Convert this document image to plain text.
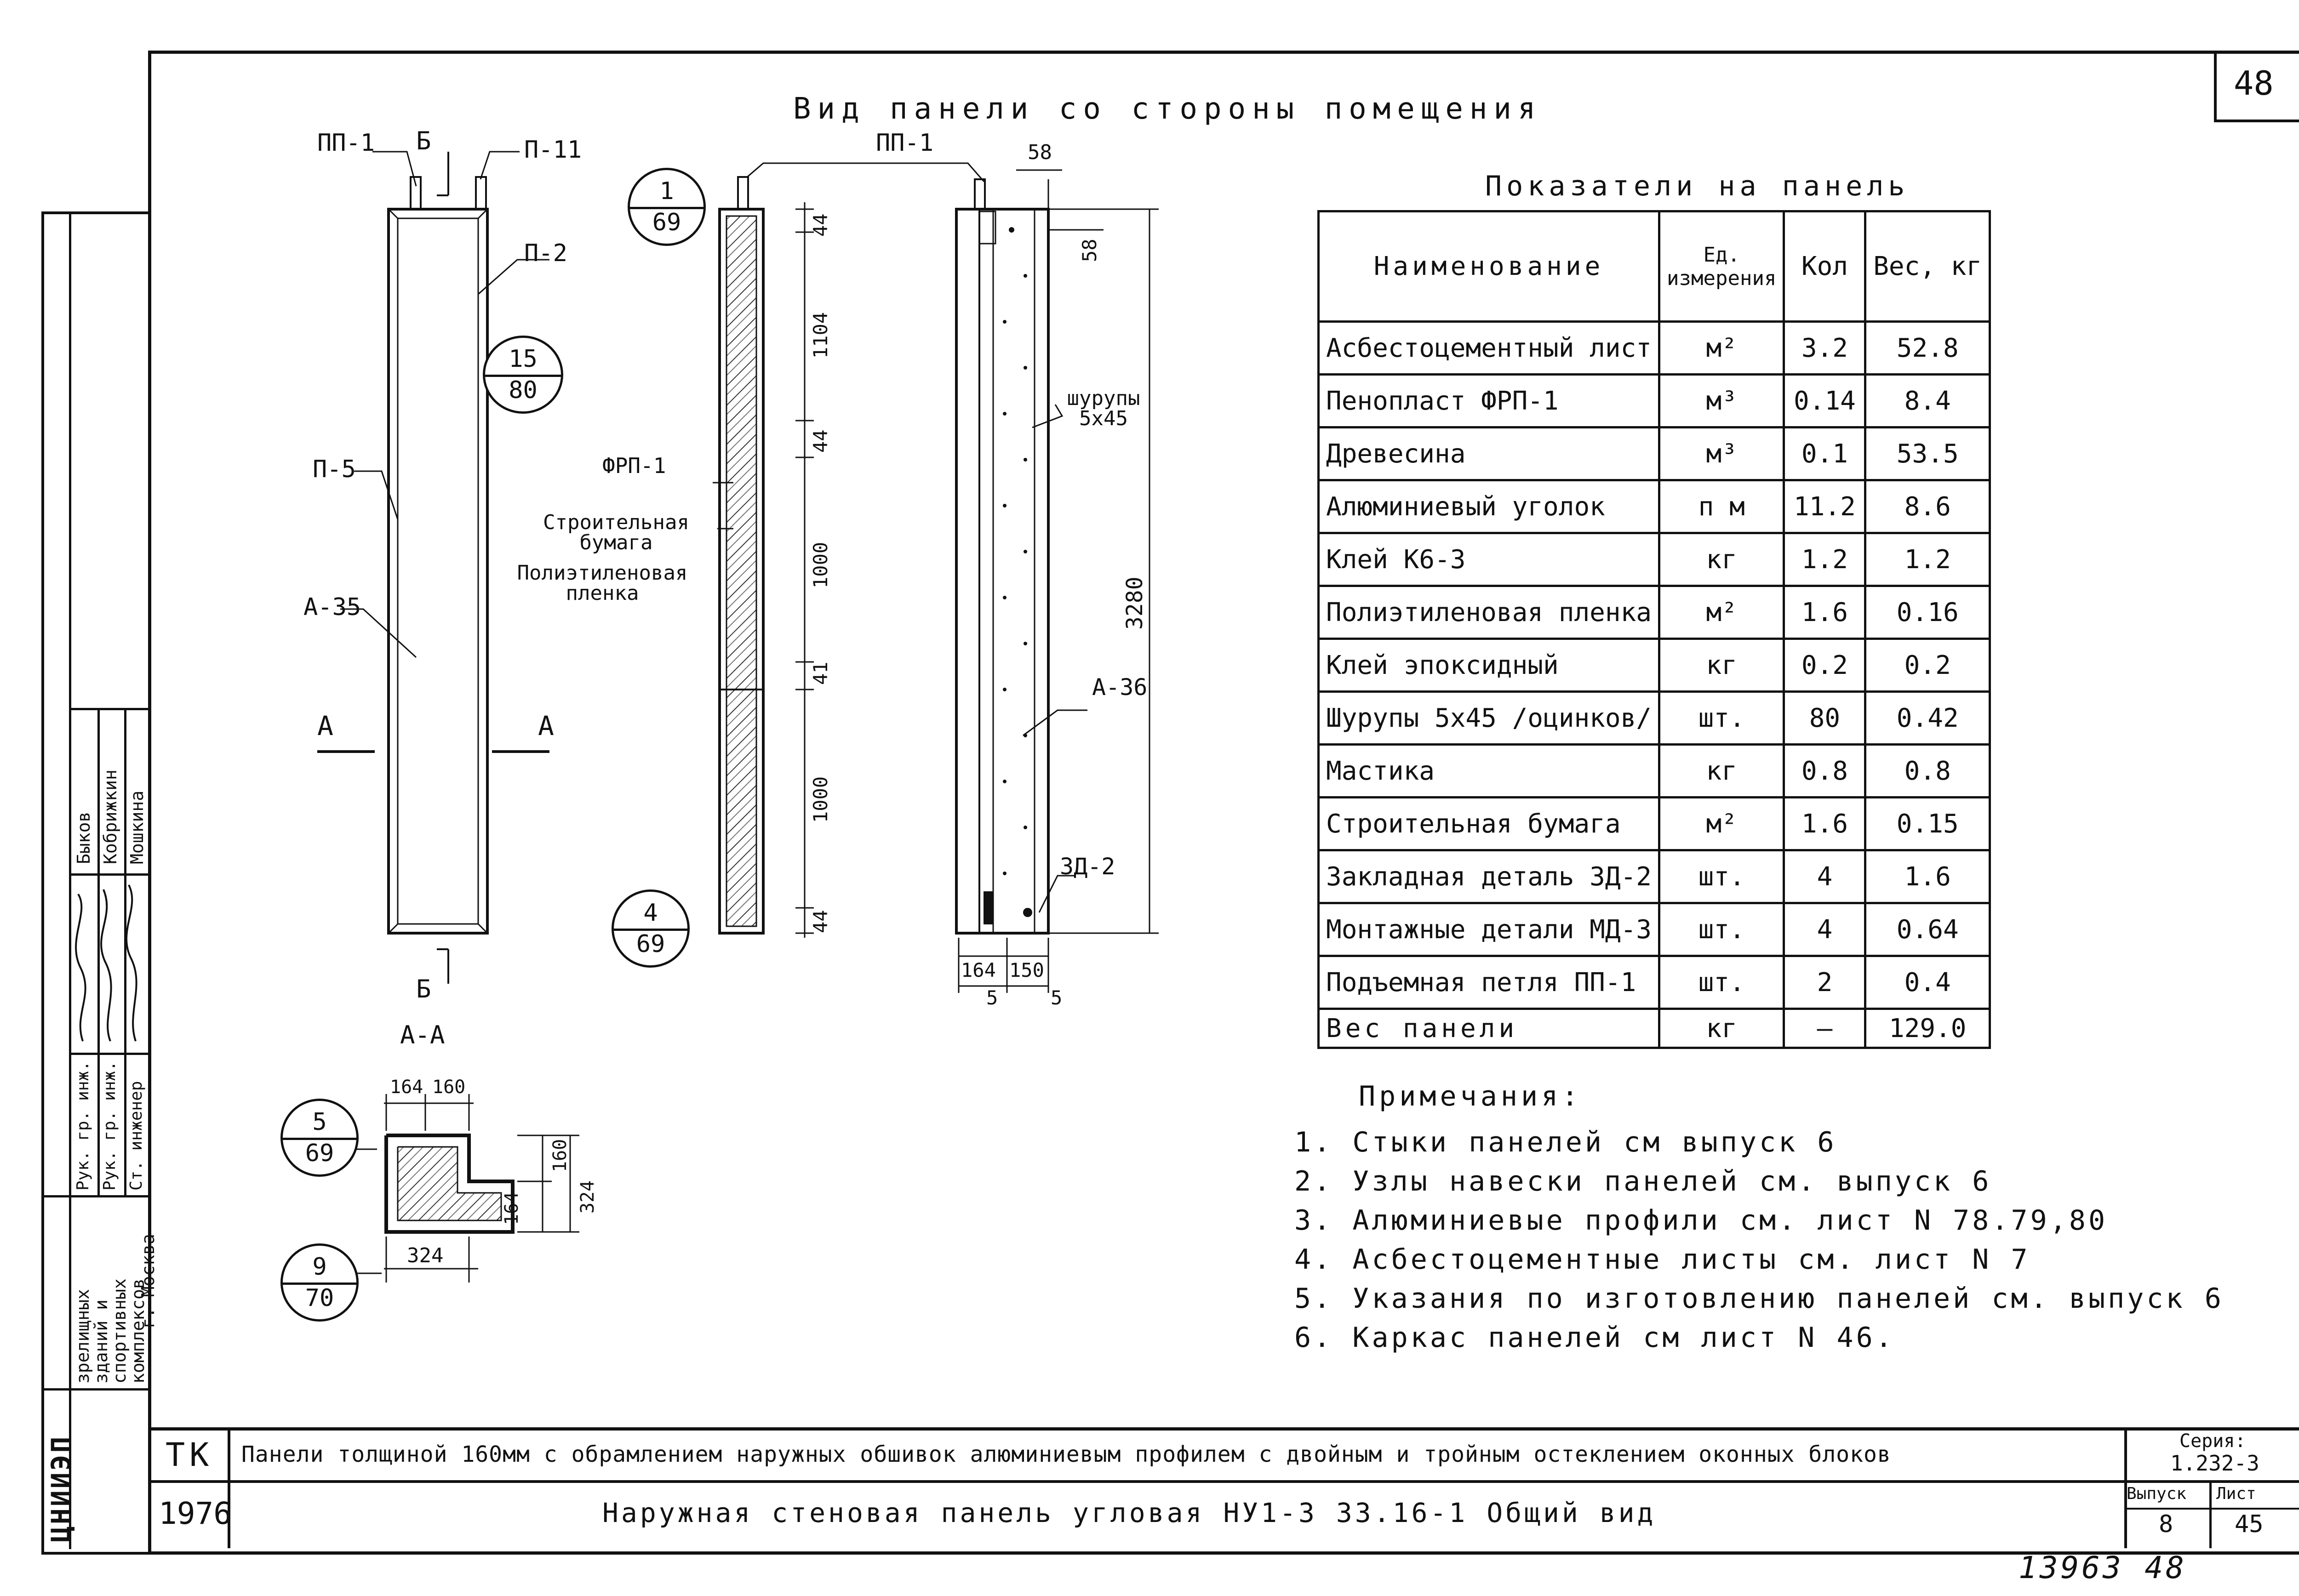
48
Вид панели со стороны помещения
ПП-1 Б	П-11
П-2
П-5
А-35
А	А
Б
А-А
ПП-1
ФРП-1
Строительная бумага
Полиэтиленовая пленка
шурупы 5х45
А-36
ЗД-2
44
1104
44
1000
41
1000
44
58
58
3280
164 150
5	5
164 160
160
164	324
324
15
80
1
69
4
69
5
69
9
70
Показатели на панель
Наименование	Ед. измерения	Кол	Вес, кг
Асбестоцементный лист	м²	3.2	52.8
Пенопласт ФРП-1	м³	0.14	8.4
Древесина	м³	0.1	53.5
Алюминиевый уголок	п м	11.2	8.6
Клей К6-3	кг	1.2	1.2
Полиэтиленовая пленка	м²	1.6	0.16
Клей эпоксидный	кг	0.2	0.2
Шурупы 5х45 /оцинков/	шт.	80	0.42
Мастика	кг	0.8	0.8
Строительная бумага	м²	1.6	0.15
Закладная деталь ЗД-2	шт.	4	1.6
Монтажные детали МД-3	шт.	4	0.64
Подъемная петля ПП-1	шт.	2	0.4
Вес панели	кг	—	129.0
Примечания:
1. Стыки панелей см выпуск 6
2. Узлы навески панелей см. выпуск 6
3. Алюминиевые профили см. лист N 78.79,80
4. Асбестоцементные листы см. лист N 7
5. Указания по изготовлению панелей см. выпуск 6
6. Каркас панелей см лист N 46.
Рук. гр. инж. Рук. гр. инж. Ст. инженер
Быков Кобрижкин Мошкина
зрелищных
зданий и
спортивных
комплексов
г. Москва
ЦНИИЭП	ТК
1976
Панели толщиной 160мм с обрамлением наружных обшивок алюминиевым профилем с двойным и тройным остеклением оконных блоков
Наружная стеновая панель угловая НУ1-3 33.16-1 Общий вид
Серия:
1.232-3
Выпуск
8
Лист
45
13963 48
